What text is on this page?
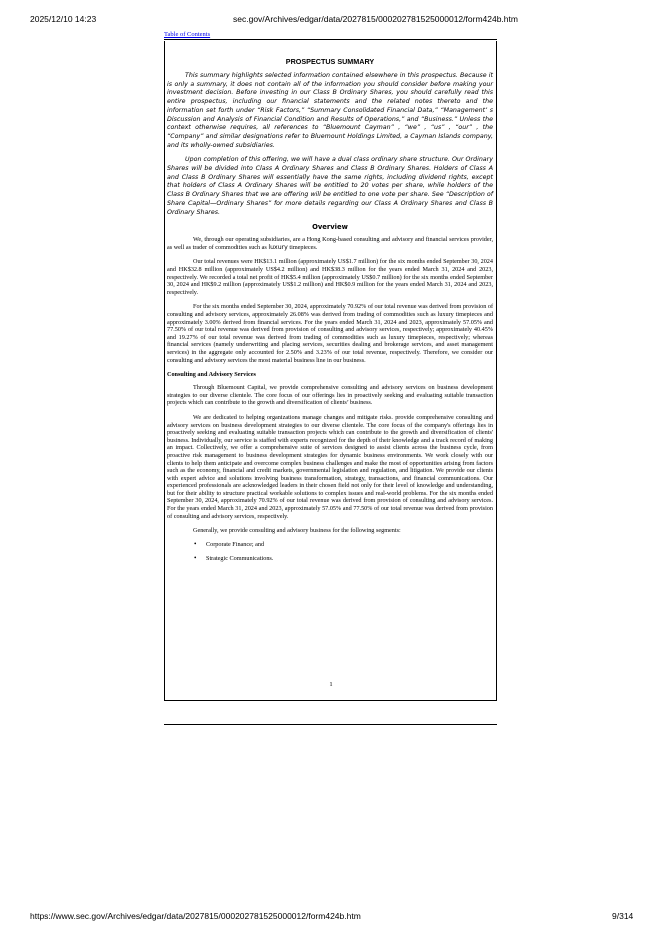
2025/12/10 14:23	sec.gov/Archives/edgar/data/2027815/000202781525000012/form424b.htm
Table of Contents
PROSPECTUS SUMMARY

This summary highlights selected information contained elsewhere in this prospectus. Because it is only a summary, it does not contain all of the information you should consider before making your investment decision. Before investing in our Class B Ordinary Shares, you should carefully read this entire prospectus, including our financial statements and the related notes thereto and the information set forth under “Risk Factors,” “Summary Consolidated Financial Data,” “Management’ s Discussion and Analysis of Financial Condition and Results of Operations,” and “Business.” Unless the context otherwise requires, all references to “Bluemount Cayman” , “we” , “us” , “our” , the “Company” and similar designations refer to Bluemount Holdings Limited, a Cayman Islands company, and its wholly-owned subsidiaries.

Upon completion of this offering, we will have a dual class ordinary share structure. Our Ordinary Shares will be divided into Class A Ordinary Shares and Class B Ordinary Shares. Holders of Class A and Class B Ordinary Shares will essentially have the same rights, including dividend rights, except that holders of Class A Ordinary Shares will be entitled to 20 votes per share, while holders of the Class B Ordinary Shares that we are offering will be entitled to one vote per share. See “Description of Share Capital—Ordinary Shares” for more details regarding our Class A Ordinary Shares and Class B Ordinary Shares.

Overview

We, through our operating subsidiaries, are a Hong Kong-based consulting and advisory and financial services provider, as well as trader of commodities such as luxury timepieces.

Our total revenues were HK$13.1 million (approximately US$1.7 million) for the six months ended September 30, 2024 and HK$32.8 million (approximately US$4.2 million) and HK$38.3 million for the years ended March 31, 2024 and 2023, respectively. We recorded a total net profit of HK$5.4 million (approximately US$0.7 million) for the six months ended September 30, 2024 and HK$9.2 million (approximately US$1.2 million) and HK$0.9 million for the years ended March 31, 2024 and 2023, respectively.

For the six months ended September 30, 2024, approximately 70.92% of our total revenue was derived from provision of consulting and advisory services, approximately 26.08% was derived from trading of commodities such as luxury timepieces and approximately 3.00% derived from financial services. For the years ended March 31, 2024 and 2023, approximately 57.05% and 77.50% of our total revenue was derived from provision of consulting and advisory services, respectively; approximately 40.45% and 19.27% of our total revenue was derived from trading of commodities such as luxury timepieces, respectively; whereas financial services (namely underwriting and placing services, securities dealing and brokerage services, and asset management services) in the aggregate only accounted for 2.50% and 3.23% of our total revenue, respectively. Therefore, we consider our consulting and advisory services the most material business line in our business.

Consulting and Advisory Services

Through Bluemount Capital, we provide comprehensive consulting and advisory services on business development strategies to our diverse clientele. The core focus of our offerings lies in proactively seeking and evaluating suitable transaction projects which can contribute to the growth and diversification of clients’ business.

We are dedicated to helping organizations manage changes and mitigate risks. provide comprehensive consulting and advisory services on business development strategies to our diverse clientele. The core focus of the company's offerings lies in proactively seeking and evaluating suitable transaction projects which can contribute to the growth and diversification of clients' business. Individually, our service is staffed with experts recognized for the depth of their knowledge and a track record of making an impact. Collectively, we offer a comprehensive suite of services designed to assist clients across the business cycle, from proactive risk management to business development strategies for dynamic business environments. We work closely with our clients to help them anticipate and overcome complex business challenges and make the most of opportunities arising from factors such as the economy, financial and credit markets, governmental legislation and regulation, and litigation. We provide our clients with expert advice and solutions involving business transformation, strategy, transactions, and financial communications. Our experienced professionals are acknowledged leaders in their chosen field not only for their level of knowledge and understanding, but for their ability to structure practical workable solutions to complex issues and real-world problems. For the six months ended September 30, 2024, approximately 70.92% of our total revenue was derived from provision of consulting and advisory services. For the years ended March 31, 2024 and 2023, approximately 57.05% and 77.50% of our total revenue was derived from provision of consulting and advisory services, respectively.

Generally, we provide consulting and advisory business for the following segments:

• Corporate Finance; and
• Strategic Communications.
1
https://www.sec.gov/Archives/edgar/data/2027815/000202781525000012/form424b.htm	9/314
